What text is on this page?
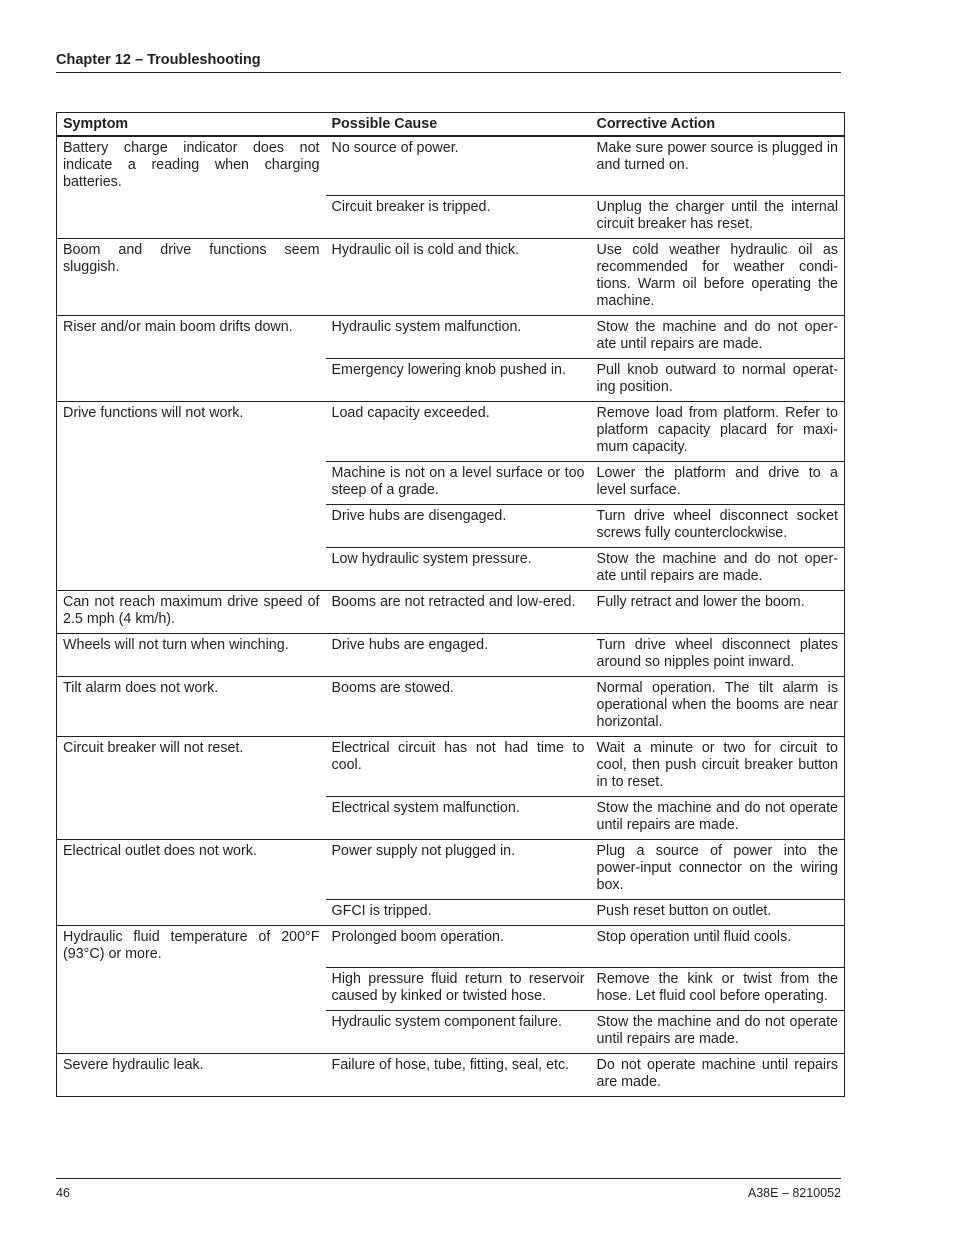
Chapter 12 – Troubleshooting
Symptom	Possible Cause	Corrective Action
Battery charge indicator does not indicate a reading when charging batteries.	No source of power.	Make sure power source is plugged in and turned on.
	Circuit breaker is tripped.	Unplug the charger until the internal circuit breaker has reset.
Boom and drive functions seem sluggish.	Hydraulic oil is cold and thick.	Use cold weather hydraulic oil as recommended for weather condi-tions. Warm oil before operating the machine.
Riser and/or main boom drifts down.	Hydraulic system malfunction.	Stow the machine and do not oper-ate until repairs are made.
	Emergency lowering knob pushed in.	Pull knob outward to normal operat-ing position.
Drive functions will not work.	Load capacity exceeded.	Remove load from platform. Refer to platform capacity placard for maxi-mum capacity.
	Machine is not on a level surface or too steep of a grade.	Lower the platform and drive to a level surface.
	Drive hubs are disengaged.	Turn drive wheel disconnect socket screws fully counterclockwise.
	Low hydraulic system pressure.	Stow the machine and do not oper-ate until repairs are made.
Can not reach maximum drive speed of 2.5 mph (4 km/h).	Booms are not retracted and low-ered.	Fully retract and lower the boom.
Wheels will not turn when winching.	Drive hubs are engaged.	Turn drive wheel disconnect plates around so nipples point inward.
Tilt alarm does not work.	Booms are stowed.	Normal operation. The tilt alarm is operational when the booms are near horizontal.
Circuit breaker will not reset.	Electrical circuit has not had time to cool.	Wait a minute or two for circuit to cool, then push circuit breaker button in to reset.
	Electrical system malfunction.	Stow the machine and do not operate until repairs are made.
Electrical outlet does not work.	Power supply not plugged in.	Plug a source of power into the power-input connector on the wiring box.
	GFCI is tripped.	Push reset button on outlet.
Hydraulic fluid temperature of 200°F (93°C) or more.	Prolonged boom operation.	Stop operation until fluid cools.
	High pressure fluid return to reservoir caused by kinked or twisted hose.	Remove the kink or twist from the hose. Let fluid cool before operating.
	Hydraulic system component failure.	Stow the machine and do not operate until repairs are made.
Severe hydraulic leak.	Failure of hose, tube, fitting, seal, etc.	Do not operate machine until repairs are made.
46	A38E – 8210052
